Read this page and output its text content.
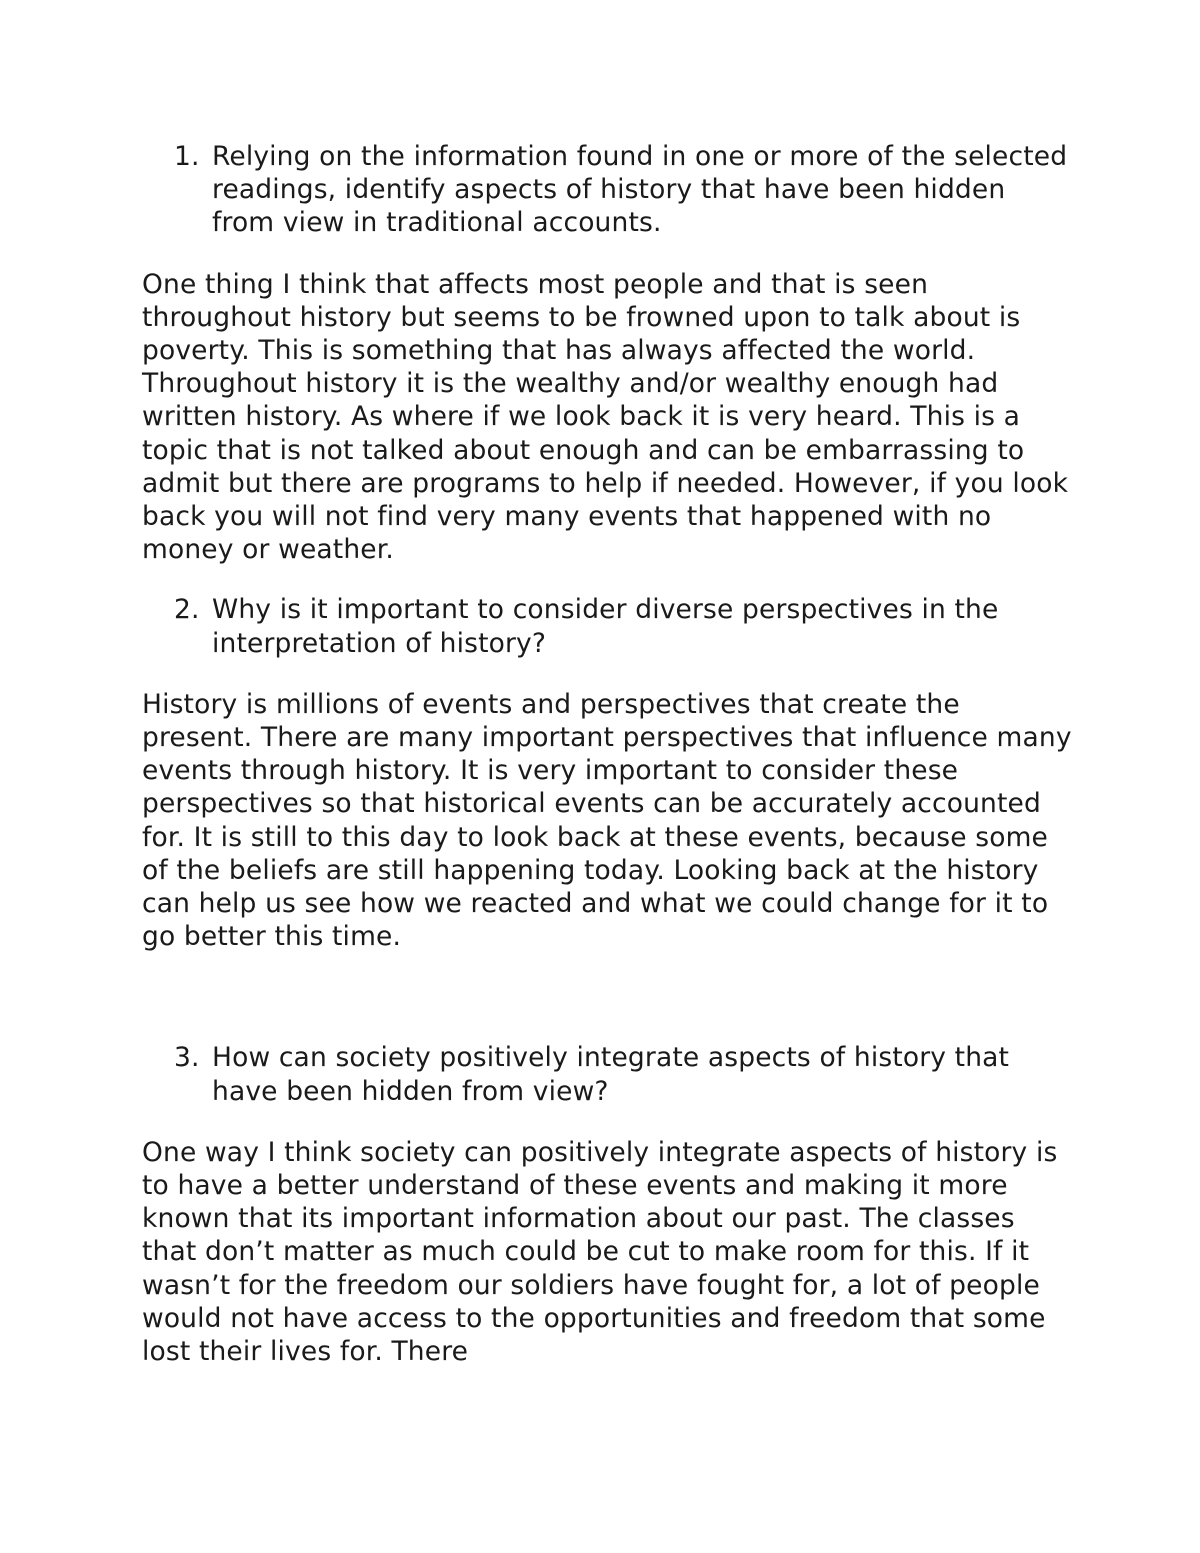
1. Relying on the information found in one or more of the selected readings, identify aspects of history that have been hidden from view in traditional accounts.

One thing I think that affects most people and that is seen throughout history but seems to be frowned upon to talk about is poverty. This is something that has always affected the world. Throughout history it is the wealthy and/or wealthy enough had written history. As where if we look back it is very heard. This is a topic that is not talked about enough and can be embarrassing to admit but there are programs to help if needed. However, if you look back you will not find very many events that happened with no money or weather.

2. Why is it important to consider diverse perspectives in the interpretation of history?

History is millions of events and perspectives that create the present. There are many important perspectives that influence many events through history. It is very important to consider these perspectives so that historical events can be accurately accounted for. It is still to this day to look back at these events, because some of the beliefs are still happening today. Looking back at the history can help us see how we reacted and what we could change for it to go better this time.

3. How can society positively integrate aspects of history that have been hidden from view?

One way I think society can positively integrate aspects of history is to have a better understand of these events and making it more known that its important information about our past. The classes that don’t matter as much could be cut to make room for this. If it wasn’t for the freedom our soldiers have fought for, a lot of people would not have access to the opportunities and freedom that some lost their lives for. There
